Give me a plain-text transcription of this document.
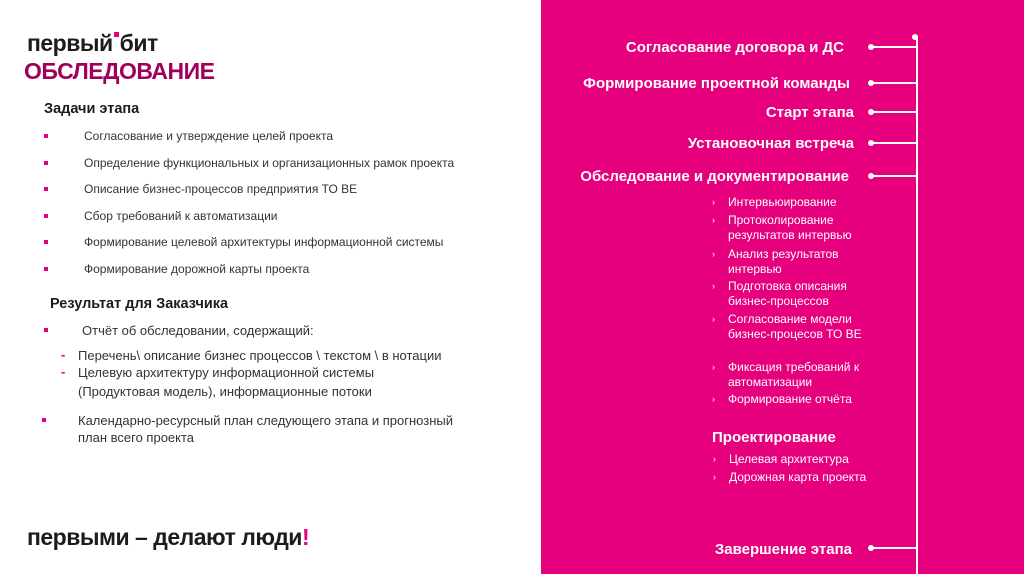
первый бит
ОБСЛЕДОВАНИЕ
Задачи этапа
Согласование и утверждение целей проекта
Определение функциональных и организационных рамок проекта
Описание бизнес-процессов предприятия ТО ВЕ
Сбор требований к автоматизации
Формирование целевой архитектуры информационной системы
Формирование дорожной карты проекта
Результат для Заказчика
Отчёт об обследовании, содержащий:
- Перечень\ описание бизнес процессов \ текстом \ в нотации
- Целевую архитектуру информационной системы
(Продуктовая модель), информационные потоки
Календарно-ресурсный план следующего этапа и прогнозный
план всего проекта
первыми – делают люди!
Согласование договора и ДС
Формирование проектной команды
Старт этапа
Установочная встреча
Обследование и документирование
› Интервьюирование
› Протоколирование результатов интервью
› Анализ результатов интервью
› Подготовка описания бизнес-процессов
› Согласование модели бизнес-процесов ТО ВЕ
› Фиксация требований к автоматизации
› Формирование отчёта
Проектирование
› Целевая архитектура
› Дорожная карта проекта
Завершение этапа
